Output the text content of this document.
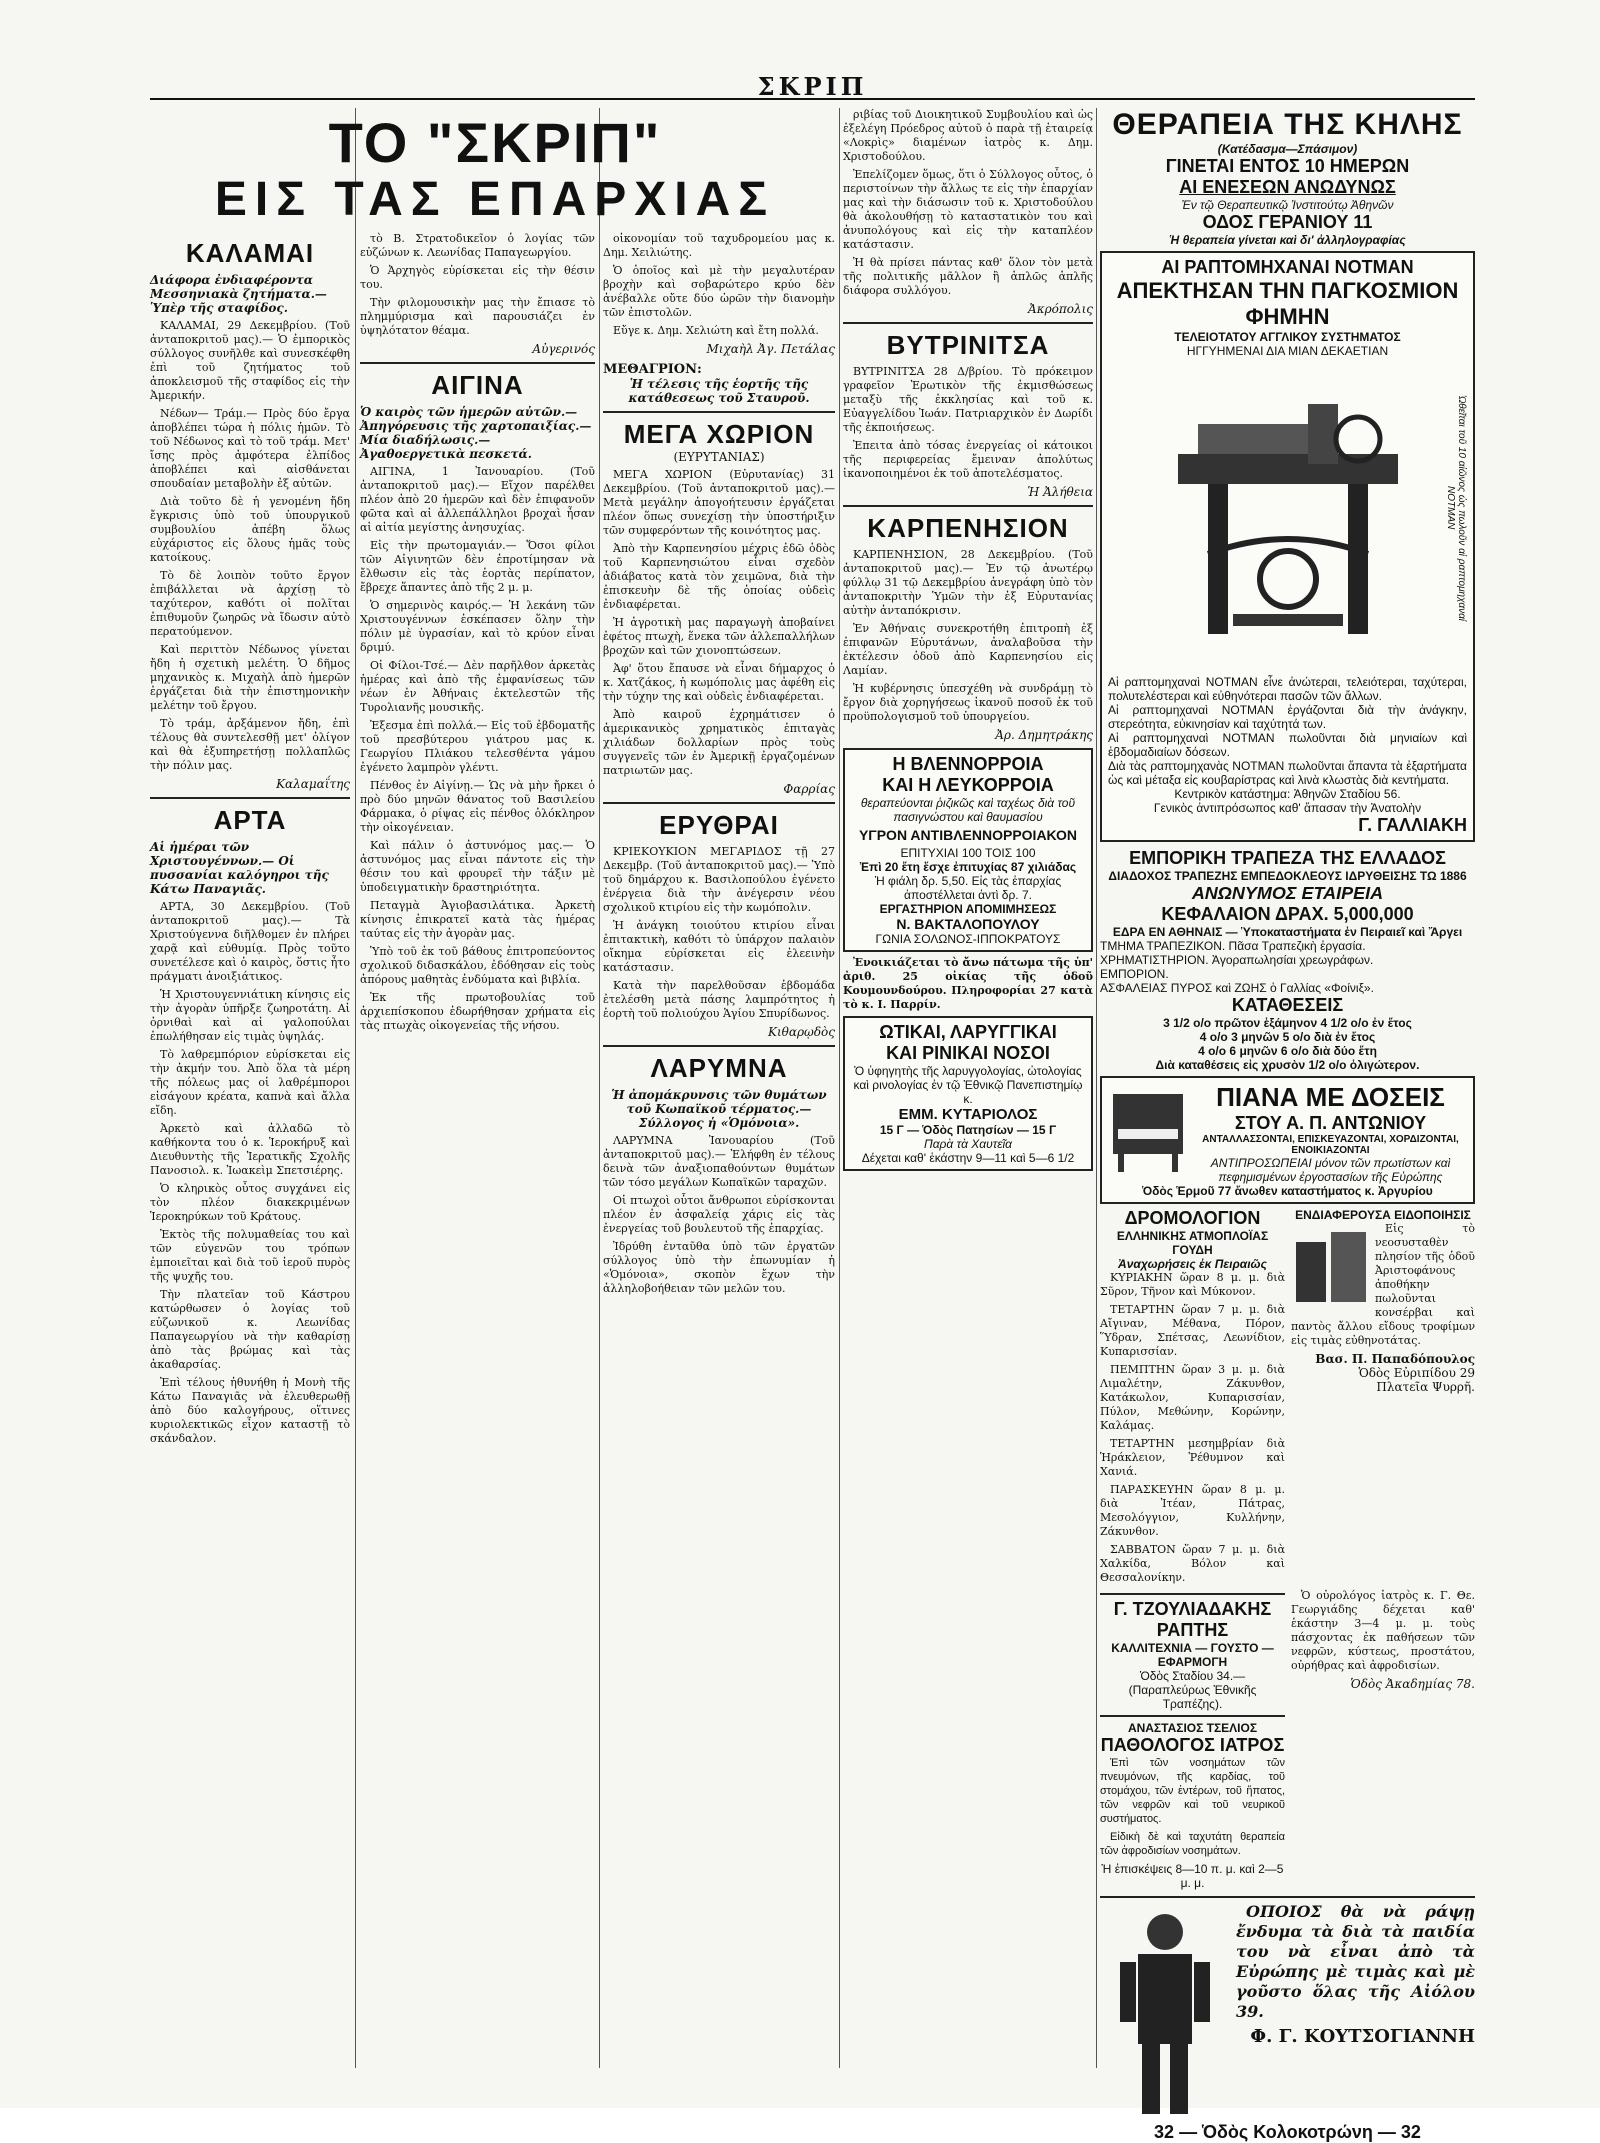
ΣΚΡΙΠ
ΤΟ "ΣΚΡΙΠ"
ΕΙΣ ΤΑΣ ΕΠΑΡΧΙΑΣ
ΚΑΛΑΜΑΙ
Διάφορα ἐνδιαφέροντα Μεσσηνιακὰ ζητήματα.— Ὑπὲρ τῆς σταφίδος.

ΚΑΛΑΜΑΙ, 29 Δεκεμβρίου. (Τοῦ ἀνταποκριτοῦ μας).— Ὁ ἐμπορικὸς σύλλογος συνῆλθε καὶ συνεσκέφθη ἐπὶ τοῦ ζητήματος τοῦ ἀποκλεισμοῦ τῆς σταφίδος εἰς τὴν Ἀμερικήν.

Νέδων— Τράμ.— Πρὸς δύο ἔργα ἀποβλέπει τώρα ἡ πόλις ἡμῶν. Τὸ τοῦ Νέδωνος καὶ τὸ τοῦ τράμ. Μετ' ἴσης πρὸς ἀμφότερα ἐλπίδος ἀποβλέπει καὶ αἰσθάνεται σπουδαίαν μεταβολὴν ἐξ αὐτῶν.

Διὰ τοῦτο δὲ ἡ γενομένη ἤδη ἔγκρισις ὑπὸ τοῦ ὑπουργικοῦ συμβουλίου ἀπέβη ὅλως εὐχάριστος εἰς ὅλους ἡμᾶς τοὺς κατοίκους.

Τὸ δὲ λοιπὸν τοῦτο ἔργον ἐπιβάλλεται νὰ ἀρχίσῃ τὸ ταχύτερον, καθότι οἱ πολῖται ἐπιθυμοῦν ζωηρῶς νὰ ἴδωσιν αὐτὸ περατούμενον.

Καὶ περιττὸν Νέδωνος γίνεται ἤδη ἡ σχετικὴ μελέτη. Ὁ δῆμος μηχανικὸς κ. Μιχαὴλ ἀπὸ ἡμερῶν ἐργάζεται διὰ τὴν ἐπιστημονικὴν μελέτην τοῦ ἔργου.

Τὸ τράμ, ἀρξάμενον ἤδη, ἐπὶ τέλους θὰ συντελεσθῇ μετ' ὀλίγον καὶ θὰ ἐξυπηρετήσῃ πολλαπλῶς τὴν πόλιν μας.

Καλαμαΐτης
ΑΡΤΑ
Αἱ ἡμέραι τῶν Χριστουγέννων.— Οἱ πυσσανίαι καλόγηροι τῆς Κάτω Παναγιᾶς.

ΑΡΤΑ, 30 Δεκεμβρίου. (Τοῦ ἀνταποκριτοῦ μας).— Τὰ Χριστούγεννα διῆλθομεν ἐν πλήρει χαρᾷ καὶ εὐθυμίᾳ. Πρὸς τοῦτο συνετέλεσε καὶ ὁ καιρὸς, ὅστις ἦτο πράγματι ἀνοιξιάτικος.

Ἡ Χριστουγεννιάτικη κίνησις εἰς τὴν ἀγορὰν ὑπῆρξε ζωηροτάτη. Αἱ ὀρνιθαὶ καὶ αἱ γαλοπούλαι ἐπωλήθησαν εἰς τιμὰς ὑψηλάς.

Τὸ λαθρεμπόριον εὑρίσκεται εἰς τὴν ἀκμήν του. Ἀπὸ ὅλα τὰ μέρη τῆς πόλεως μας οἱ λαθρέμποροι εἰσάγουν κρέατα, καπνὰ καὶ ἄλλα εἴδη.

Ἀρκετὸ καὶ ἀλλαδῶ τὸ καθήκοντα του ὁ κ. Ἱεροκήρυξ καὶ Διευθυντὴς τῆς Ἱερατικῆς Σχολῆς Πανοσιολ. κ. Ἰωακεὶμ Σπετσιέρης.

Ὁ κληρικὸς οὗτος συγχάνει εἰς τὸν πλέον διακεκριμένων Ἱεροκηρύκων τοῦ Κράτους.

Ἐκτὸς τῆς πολυμαθείας του καὶ τῶν εὐγενῶν του τρόπων ἐμποιεῖται καὶ διὰ τοῦ ἱεροῦ πυρὸς τῆς ψυχῆς του.

Τὴν πλατεῖαν τοῦ Κάστρου κατώρθωσεν ὁ λογίας τοῦ εὐζωνικοῦ κ. Λεωνίδας Παπαγεωργίου νὰ τὴν καθαρίσῃ ἀπὸ τὰς βρώμας καὶ τὰς ἀκαθαρσίας.

Ἐπὶ τέλους ἠθυνήθη ἡ Μονὴ τῆς Κάτω Παναγιᾶς νὰ ἐλευθερωθῇ ἀπὸ δύο καλογήρους, οἵτινες κυριολεκτικῶς εἶχον καταστῇ τὸ σκάνδαλον.

τὸ Β. Στρατοδικεῖον ὁ λογίας τῶν εὐζώνων κ. Λεωνίδας Παπαγεωργίου.

Ὁ Ἀρχηγὸς εὑρίσκεται εἰς τὴν θέσιν του.

Τὴν φιλομουσικὴν μας τὴν ἔπιασε τὸ πλημμύρισμα καὶ παρουσιάζει ἐν ὑψηλότατον θέαμα.

Αὐγερινός
ΑΙΓΙΝΑ
Ὁ καιρὸς τῶν ἡμερῶν αὐτῶν.— Ἀπηγόρευσις τῆς χαρτοπαιξίας.— Μία διαδήλωσις.— Ἀγαθοεργετικὰ πεσκετά.

ΑΙΓΙΝΑ, 1 Ἰανουαρίου. (Τοῦ ἀνταποκριτοῦ μας).— Εἴχον παρέλθει πλέον ἀπὸ 20 ἡμερῶν καὶ δὲν ἐπιφανοῦν φῶτα καὶ αἱ ἀλλεπάλληλοι βροχαὶ ἦσαν αἱ αἰτία μεγίστης ἀνησυχίας.

Εἰς τὴν πρωτομαγιάν.— Ὅσοι φίλοι τῶν Αἰγινητῶν δὲν ἐπροτίμησαν νὰ ἔλθωσιν εἰς τὰς ἑορτὰς περίπατον, ἔβρεχε ἅπαντες ἀπὸ τῆς 2 μ. μ.

Ὁ σημερινὸς καιρός.— Ἡ λεκάνη τῶν Χριστουγέννων ἐσκέπασεν ὅλην τὴν πόλιν μὲ ὑγρασίαν, καὶ τὸ κρύον εἶναι δριμύ.

Οἱ Φίλοι-Τσέ.— Δὲν παρῆλθον ἀρκετὰς ἡμέρας καὶ ἀπὸ τῆς ἐμφανίσεως τῶν νέων ἐν Ἀθήναις ἐκτελεστῶν τῆς Τυρολιανῆς μουσικῆς.

Ἐξεσμα ἐπὶ πολλά.— Εἰς τοῦ ἐβδοματῆς τοῦ πρεσβύτερου γιάτρου μας κ. Γεωργίου Πλιάκου τελεσθέντα γάμου ἐγένετο λαμπρὸν γλέντι.

Πένθος ἐν Αἰγίνῃ.— Ὡς νὰ μὴν ἤρκει ὁ πρὸ δύο μηνῶν θάνατος τοῦ Βασιλείου Φάρμακα, ὁ ρίψας εἰς πένθος ὁλόκληρον τὴν οἰκογένειαν.

Καὶ πάλιν ὁ ἀστυνόμος μας.— Ὁ ἀστυνόμος μας εἶναι πάντοτε εἰς τὴν θέσιν του καὶ φρουρεῖ τὴν τάξιν μὲ ὑποδειγματικὴν δραστηριότητα.

Πεταγμὰ Ἀγιοβασιλάτικα. Ἀρκετὴ κίνησις ἐπικρατεῖ κατὰ τὰς ἡμέρας ταύτας εἰς τὴν ἀγορὰν μας.

Ὑπὸ τοῦ ἐκ τοῦ βάθους ἐπιτροπεύοντος σχολικοῦ διδασκάλου, ἐδόθησαν εἰς τοὺς ἀπόρους μαθητὰς ἐνδύματα καὶ βιβλία.

Ἐκ τῆς πρωτοβουλίας τοῦ ἀρχιεπίσκοπου ἐδωρήθησαν χρήματα εἰς τὰς πτωχὰς οἰκογενείας τῆς νήσου.

οἰκονομίαν τοῦ ταχυδρομείου μας κ. Δημ. Χειλιώτης.

Ὁ ὁποῖος καὶ μὲ τὴν μεγαλυτέραν βροχὴν καὶ σοβαρώτερο κρύο δὲν ἀνέβαλλε οὔτε δύο ὡρῶν τὴν διανομὴν τῶν ἐπιστολῶν.

Εὔγε κ. Δημ. Χελιώτη καὶ ἔτη πολλά.

Μιχαὴλ Ἀγ. Πετάλας
ΜΕΘΑΓΡΙΟΝ:
Ἡ τέλεσις τῆς ἑορτῆς τῆς κατάθεσεως τοῦ Σταυροῦ.
ΜΕΓΑ ΧΩΡΙΟΝ
(ΕΥΡΥΤΑΝΙΑΣ)

ΜΕΓΑ ΧΩΡΙΟΝ (Εὐρυτανίας) 31 Δεκεμβρίου. (Τοῦ ἀνταποκριτοῦ μας).— Μετὰ μεγάλην ἀπογοήτευσιν ἐργάζεται πλέον ὅπως συνεχίσῃ τὴν ὑποστήριξιν τῶν συμφερόντων τῆς κοινότητος μας.

Ἀπὸ τὴν Καρπενησίου μέχρις ἐδῶ ὁδὸς τοῦ Καρπενησιώτου εἶναι σχεδὸν ἀδιάβατος κατὰ τὸν χειμῶνα, διὰ τὴν ἐπισκευὴν δὲ τῆς ὁποίας οὐδεὶς ἐνδιαφέρεται.

Ἡ ἀγροτικὴ μας παραγωγὴ ἀποβαίνει ἐφέτος πτωχὴ, ἕνεκα τῶν ἀλλεπαλλήλων βροχῶν καὶ τῶν χιονοπτώσεων.

Ἀφ' ὅτου ἔπαυσε νὰ εἶναι δήμαρχος ὁ κ. Χατζάκος, ἡ κωμόπολις μας ἀφέθη εἰς τὴν τύχην της καὶ οὐδεὶς ἐνδιαφέρεται.

Ἀπὸ καιροῦ ἐχρημάτισεν ὁ ἀμερικανικὸς χρηματικὸς ἐπιταγὰς χιλιάδων δολλαρίων πρὸς τοὺς συγγενεῖς τῶν ἐν Ἀμερικῇ ἐργαζομένων πατριωτῶν μας.

Φαρρίας
ΕΡΥΘΡΑΙ

ΚΡΙΕΚΟΥΚΙΟΝ ΜΕΓΑΡΙΔΟΣ τῇ 27 Δεκεμβρ. (Τοῦ ἀνταποκριτοῦ μας).— Ὑπὸ τοῦ δημάρχου κ. Βασιλοπούλου ἐγένετο ἐνέργεια διὰ τὴν ἀνέγερσιν νέου σχολικοῦ κτιρίου εἰς τὴν κωμόπολιν.

Ἡ ἀνάγκη τοιούτου κτιρίου εἶναι ἐπιτακτικὴ, καθότι τὸ ὑπάρχον παλαιὸν οἴκημα εὑρίσκεται εἰς ἐλεεινὴν κατάστασιν.

Κατὰ τὴν παρελθοῦσαν ἑβδομάδα ἐτελέσθη μετὰ πάσης λαμπρότητος ἡ ἑορτὴ τοῦ πολιούχου Ἁγίου Σπυρίδωνος.

Κιθαρῳδὸς
ΛΑΡΥΜΝΑ
Ἡ ἀπομάκρυνσις τῶν θυμάτων τοῦ Κωπαϊκοῦ τέρματος.— Σύλλογος ἡ «Ὁμόνοια».

ΛΑΡΥΜΝΑ Ἰανουαρίου (Τοῦ ἀνταποκριτοῦ μας).— Ἐλήφθη ἐν τέλους δεινὰ τῶν ἀναξιοπαθούντων θυμάτων τῶν τόσο μεγάλων Κωπαϊκῶν ταραχῶν.

Οἱ πτωχοὶ οὗτοι ἄνθρωποι εὑρίσκονται πλέον ἐν ἀσφαλείᾳ χάρις εἰς τὰς ἐνεργείας τοῦ βουλευτοῦ τῆς ἐπαρχίας.

Ἰδρύθη ἐνταῦθα ὑπὸ τῶν ἐργατῶν σύλλογος ὑπὸ τὴν ἐπωνυμίαν ἡ «Ὁμόνοια», σκοπὸν ἔχων τὴν ἀλληλοβοήθειαν τῶν μελῶν του.

ριβίας τοῦ Διοικητικοῦ Συμβουλίου καὶ ὡς ἐξελέγη Πρόεδρος αὐτοῦ ὁ παρὰ τῇ ἑταιρείᾳ «Λοκρὶς» διαμένων ἰατρὸς κ. Δημ. Χριστοδούλου.

Ἐπελίζομεν ὅμως, ὅτι ὁ Σύλλογος οὗτος, ὁ περιστοίνων τὴν ἄλλως τε εἰς τὴν ἐπαρχίαν μας καὶ τὴν διάσωσιν τοῦ κ. Χριστοδούλου θὰ ἀκολουθήσῃ τὸ καταστατικὸν του καὶ ἀνυπολόγους καὶ εἰς τὴν καταπλέον κατάστασιν.

Ἡ θὰ πρίσει πάντας καθ' ὅλον τὸν μετὰ τῆς πολιτικῆς μᾶλλον ἢ ἀπλῶς ἁπλῆς διάφορα συλλόγου.

Ἀκρόπολις
ΒΥΤΡΙΝΙΤΣΑ

ΒΥΤΡΙΝΙΤΣΑ 28 Δ/βρίου. Τὸ πρόκειμον γραφεῖον Ἑρωτικὸν τῆς ἐκμισθώσεως μεταξὺ τῆς ἐκκλησίας καὶ τοῦ κ. Εὐαγγελίδου Ἰωάν. Πατριαρχικὸν ἐν Δωρίδι τῆς ἐκποιήσεως.

Ἐπειτα ἀπὸ τόσας ἐνεργείας οἱ κάτοικοι τῆς περιφερείας ἔμειναν ἀπολύτως ἱκανοποιημένοι ἐκ τοῦ ἀποτελέσματος.

Ἡ Ἀλήθεια
ΚΑΡΠΕΝΗΣΙΟΝ

ΚΑΡΠΕΝΗΣΙΟΝ, 28 Δεκεμβρίου. (Τοῦ ἀνταποκριτοῦ μας).— Ἐν τῷ ἀνωτέρῳ φύλλῳ 31 τῷ Δεκεμβρίου ἀνεγράφη ὑπὸ τὸν ἀνταποκριτὴν Ὑμῶν τὴν ἐξ Εὐρυτανίας αὐτὴν ἀνταπόκρισιν.

Ἐν Ἀθήναις συνεκροτήθη ἐπιτροπὴ ἐξ ἐπιφανῶν Εὐρυτάνων, ἀναλαβοῦσα τὴν ἐκτέλεσιν ὁδοῦ ἀπὸ Καρπενησίου εἰς Λαμίαν.

Ἡ κυβέρνησις ὑπεσχέθη νὰ συνδράμῃ τὸ ἔργον διὰ χορηγήσεως ἱκανοῦ ποσοῦ ἐκ τοῦ προϋπολογισμοῦ τοῦ ὑπουργείου.

Ἀρ. Δημητράκης
Η ΒΛΕΝΝΟΡΡΟΙΑ
ΚΑΙ Η ΛΕΥΚΟΡΡΟΙΑ
θεραπεύονται ῥιζικῶς καὶ ταχέως διὰ τοῦ πασιγνώστου καὶ θαυμασίου
ΥΓΡΟΝ ΑΝΤΙΒΛΕΝΝΟΡΡΟΙΑΚΟΝ
ΕΠΙΤΥΧΙΑΙ 100 ΤΟΙΣ 100
Ἐπὶ 20 ἔτη ἔσχε ἐπιτυχίας 87 χιλιάδας
Ἡ φιάλη δρ. 5,50. Εἰς τὰς ἐπαρχίας ἀποστέλλεται ἀντὶ δρ. 7.
ΕΡΓΑΣΤΗΡΙΟΝ ΑΠΟΜΙΜΗΣΕΩΣ
Ν. ΒΑΚΤΑΛΟΠΟΥΛΟΥ
ΓΩΝΙΑ ΣΟΛΩΝΟΣ-ΙΠΠΟΚΡΑΤΟΥΣ

Ἐνοικιάζεται τὸ ἄνω πάτωμα τῆς ὑπ' ἀριθ. 25 οἰκίας τῆς ὁδοῦ Κουμουνδούρου. Πληροφορίαι 27 κατὰ τὸ κ. Ι. Παρρίν.

ΩΤΙΚΑΙ, ΛΑΡΥΓΓΙΚΑΙ
ΚΑΙ ΡΙΝΙΚΑΙ ΝΟΣΟΙ
Ὁ ὑφηγητὴς τῆς λαρυγγολογίας, ὠτολογίας καὶ ρινολογίας ἐν τῷ Ἐθνικῷ Πανεπιστημίῳ κ.
ΕΜΜ. ΚΥΤΑΡΙΟΛΟΣ
15 Γ — Ὁδὸς Πατησίων — 15 Γ
Παρὰ τὰ Χαυτεῖα
Δέχεται καθ' ἑκάστην 9—11 καὶ 5—6 1/2
ΘΕΡΑΠΕΙΑ ΤΗΣ ΚΗΛΗΣ
(Κατέδασμα—Σπάσιμον)
ΓΙΝΕΤΑΙ ΕΝΤΟΣ 10 ΗΜΕΡΩΝ
ΑΙ ΕΝΕΣΕΩΝ ΑΝΩΔΥΝΩΣ
Ἐν τῷ Θεραπευτικῷ Ἰνστιτούτῳ Ἀθηνῶν
ΟΔΟΣ ΓΕΡΑΝΙΟΥ 11
Ἡ θεραπεία γίνεται καὶ δι' ἀλληλογραφίας
ΑΙ ΡΑΠΤΟΜΗΧΑΝΑΙ NOTMAN
ΑΠΕΚΤΗΣΑΝ ΤΗΝ ΠΑΓΚΟΣΜΙΟΝ ΦΗΜΗΝ
ΤΕΛΕΙΟΤΑΤΟΥ ΑΓΓΛΙΚΟΥ ΣΥΣΤΗΜΑΤΟΣ
ΗΓΓΥΗΜΕΝΑΙ ΔΙΑ ΜΙΑΝ ΔΕΚΑΕΤΙΑΝ
Ὠθεῖται τοῦ 10 αἰῶνος ὡς πωλοῦν αἱ ραπτομηχαναί NOTMAN
Αἱ ραπτομηχαναὶ NOTMAN εἶνε ἀνώτεραι, τελειότεραι, ταχύτεραι, πολυτελέστεραι καὶ εὐθηνότεραι πασῶν τῶν ἄλλων.
Αἱ ραπτομηχαναὶ NOTMAN ἐργάζονται διὰ τὴν ἀνάγκην, στερεότητα, εὐκινησίαν καὶ ταχύτητά των.
Αἱ ραπτομηχαναὶ NOTMAN πωλοῦνται διὰ μηνιαίων καὶ ἑβδομαδιαίων δόσεων.
Διὰ τὰς ραπτομηχανὰς NOTMAN πωλοῦνται ἅπαντα τὰ ἐξαρτήματα ὡς καὶ μέταξα εἰς κουβαρίστρας καὶ λινὰ κλωστὰς διὰ κεντήματα.
Κεντρικὸν κατάστημα: Ἀθηνῶν Σταδίου 56.
Γενικὸς ἀντιπρόσωπος καθ' ἅπασαν τὴν Ἀνατολὴν
Γ. ΓΑΛΛΙΑΚΗ
ΕΜΠΟΡΙΚΗ ΤΡΑΠΕΖΑ ΤΗΣ ΕΛΛΑΔΟΣ
ΔΙΑΔΟΧΟΣ ΤΡΑΠΕΖΗΣ ΕΜΠΕΔΟΚΛΕΟΥΣ ΙΔΡΥΘΕΙΣΗΣ ΤΩ 1886
ΑΝΩΝΥΜΟΣ ΕΤΑΙΡΕΙΑ
ΚΕΦΑΛΑΙΟΝ ΔΡΑΧ. 5,000,000
ΕΔΡΑ ΕΝ ΑΘΗΝΑΙΣ — Ὑποκαταστήματα ἐν Πειραιεῖ καὶ Ἄργει
ΤΜΗΜΑ ΤΡΑΠΕΖΙΚΟΝ. Πᾶσα Τραπεζικὴ ἐργασία.
ΧΡΗΜΑΤΙΣΤΗΡΙΟΝ. Ἀγοραπωλησίαι χρεωγράφων.
ΕΜΠΟΡΙΟΝ.
ΑΣΦΑΛΕΙΑΣ ΠΥΡΟΣ καὶ ΖΩΗΣ ὁ Γαλλίας «Φοίνιξ».
ΚΑΤΑΘΕΣΕΙΣ
3 1/2 ο/ο πρῶτον ἑξάμηνον 4 1/2 ο/ο ἐν ἔτος
4 ο/ο 3 μηνῶν 5 ο/ο διὰ ἐν ἔτος
4 ο/ο 6 μηνῶν 6 ο/ο διὰ δύο ἔτη
Διὰ καταθέσεις εἰς χρυσὸν 1/2 ο/ο ὀλιγώτερον.
ΠΙΑΝΑ ΜΕ ΔΟΣΕΙΣ
ΣΤΟΥ Α. Π. ΑΝΤΩΝΙΟΥ
ΑΝΤΑΛΛΑΣΣΟΝΤΑΙ, ΕΠΙΣΚΕΥΑΖΟΝΤΑΙ, ΧΟΡΔΙΖΟΝΤΑΙ, ΕΝΟΙΚΙΑΖΟΝΤΑΙ
ΑΝΤΙΠΡΟΣΩΠΕΙΑΙ μόνον τῶν πρωτίστων καὶ πεφημισμένων ἐργοστασίων τῆς Εὐρώπης
Ὁδὸς Ἑρμοῦ 77 ἄνωθεν καταστήματος κ. Ἀργυρίου
ΔΡΟΜΟΛΟΓΙΟΝ
ΕΛΛΗΝΙΚΗΣ ΑΤΜΟΠΛΟΪΑΣ ΓΟΥΔΗ
Ἀναχωρήσεις ἐκ Πειραιῶς

ΚΥΡΙΑΚΗΝ ὥραν 8 μ. μ. διὰ Σῦρον, Τῆνον καὶ Μύκονον.

ΤΕΤΑΡΤΗΝ ὥραν 7 μ. μ. διὰ Αἴγιναν, Μέθανα, Πόρον, Ὕδραν, Σπέτσας, Λεωνίδιον, Κυπαρισσίαν.

ΠΕΜΠΤΗΝ ὥραν 3 μ. μ. διὰ Λιμαλέτην, Ζάκυνθον, Κατάκωλον, Κυπαρισσίαν, Πύλον, Μεθώνην, Κορώνην, Καλάμας.

ΤΕΤΑΡΤΗΝ μεσημβρίαν διὰ Ἡράκλειον, Ῥέθυμνον καὶ Χανιά.

ΠΑΡΑΣΚΕΥΗΝ ὥραν 8 μ. μ. διὰ Ἰτέαν, Πάτρας, Μεσολόγγιον, Κυλλήνην, Ζάκυνθον.

ΣΑΒΒΑΤΟΝ ὥραν 7 μ. μ. διὰ Χαλκίδα, Βόλον καὶ Θεσσαλονίκην.

ΕΝΔΙΑΦΕΡΟΥΣΑ ΕΙΔΟΠΟΙΗΣΙΣ

Εἰς τὸ νεοσυσταθὲν πλησίον τῆς ὁδοῦ Ἀριστοφάνους ἀποθήκην πωλοῦνται κονσέρβαι καὶ παντὸς ἄλλου εἴδους τροφίμων εἰς τιμὰς εὐθηνοτάτας.

Βασ. Π. Παπαδόπουλος
Ὁδὸς Εὐριπίδου 29
Πλατεῖα Ψυρρῆ.
Γ. ΤΖΟΥΛΙΑΔΑΚΗΣ
ΡΑΠΤΗΣ
ΚΑΛΛΙΤΕΧΝΙΑ — ΓΟΥΣΤΟ — ΕΦΑΡΜΟΓΗ
Ὁδὸς Σταδίου 34.— (Παραπλεύρως Ἐθνικῆς Τραπέζης).
ΑΝΑΣΤΑΣΙΟΣ ΤΣΕΛΙΟΣ
ΠΑΘΟΛΟΓΟΣ ΙΑΤΡΟΣ

Ἐπὶ τῶν νοσημάτων τῶν πνευμόνων, τῆς καρδίας, τοῦ στομάχου, τῶν ἐντέρων, τοῦ ἥπατος, τῶν νεφρῶν καὶ τοῦ νευρικοῦ συστήματος.

Εἰδικὴ δὲ καὶ ταχυτάτη θεραπεία τῶν ἀφροδισίων νοσημάτων.

Ἡ ἐπισκέψεις 8—10 π. μ. καὶ 2—5 μ. μ.

Ὁ οὐρολόγος ἰατρὸς κ. Γ. Θε. Γεωργιάδης δέχεται καθ' ἑκάστην 3—4 μ. μ. τοὺς πάσχοντας ἐκ παθήσεων τῶν νεφρῶν, κύστεως, προστάτου, οὐρήθρας καὶ ἀφροδισίων.

Ὁδὸς Ἀκαδημίας 78.

ΟΠΟΙΟΣ θὰ νὰ ράψῃ ἔνδυμα τὰ διὰ τὰ παιδία του νὰ εἶναι ἀπὸ τὰ Εὐρώπης μὲ τιμὰς καὶ μὲ γοῦστο ὅλας τῆς Αἰόλου 39.

Φ. Γ. ΚΟΥΤΣΟΓΙΑΝΝΗ
32 — Ὁδὸς Κολοκοτρώνη — 32
